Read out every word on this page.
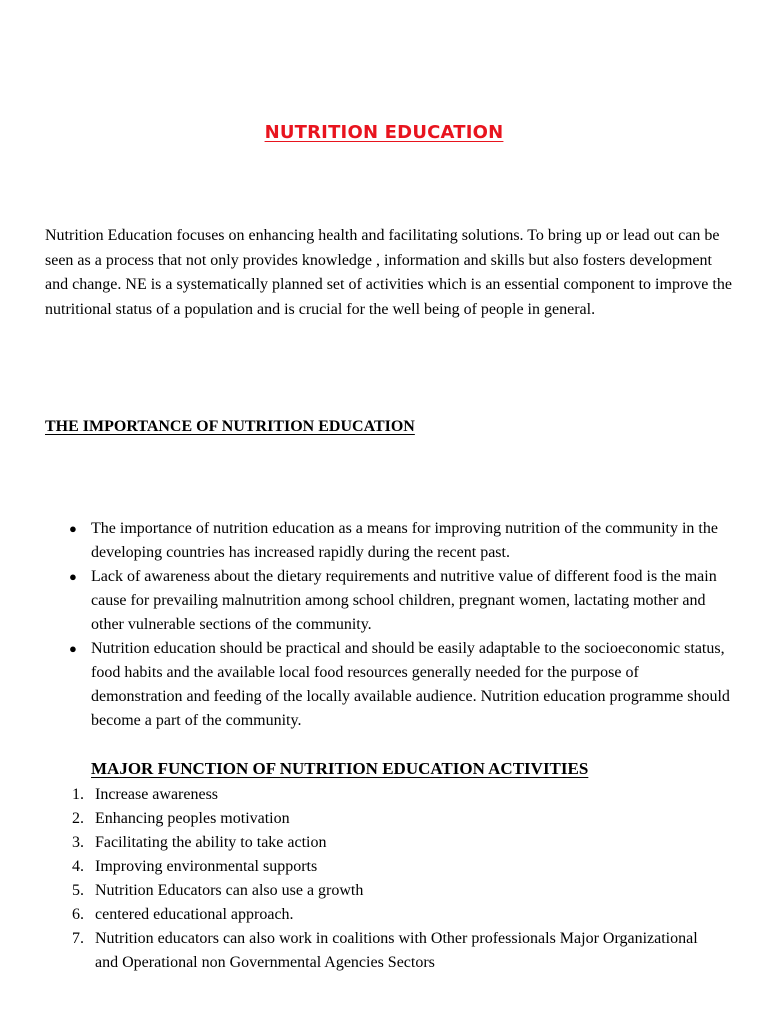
NUTRITION EDUCATION

Nutrition Education focuses on enhancing health and facilitating solutions. To bring up or lead out can be seen as a process that not only provides knowledge , information and skills but also fosters development and change. NE is a systematically planned set of activities which is an essential component to improve the nutritional status of a population and is crucial for the well being of people in general.

THE IMPORTANCE OF NUTRITION EDUCATION
● The importance of nutrition education as a means for improving nutrition of the community in the developing countries has increased rapidly during the recent past.
● Lack of awareness about the dietary requirements and nutritive value of different food is the main cause for prevailing malnutrition among school children, pregnant women, lactating mother and other vulnerable sections of the community.
● Nutrition education should be practical and should be easily adaptable to the socioeconomic status, food habits and the available local food resources generally needed for the purpose of demonstration and feeding of the locally available audience. Nutrition education programme should become a part of the community.
MAJOR FUNCTION OF NUTRITION EDUCATION ACTIVITIES
1. Increase awareness
2. Enhancing peoples motivation
3. Facilitating the ability to take action
4. Improving environmental supports
5. Nutrition Educators can also use a growth
6. centered educational approach.
7. Nutrition educators can also work in coalitions with Other professionals Major Organizational and Operational non Governmental Agencies Sectors
